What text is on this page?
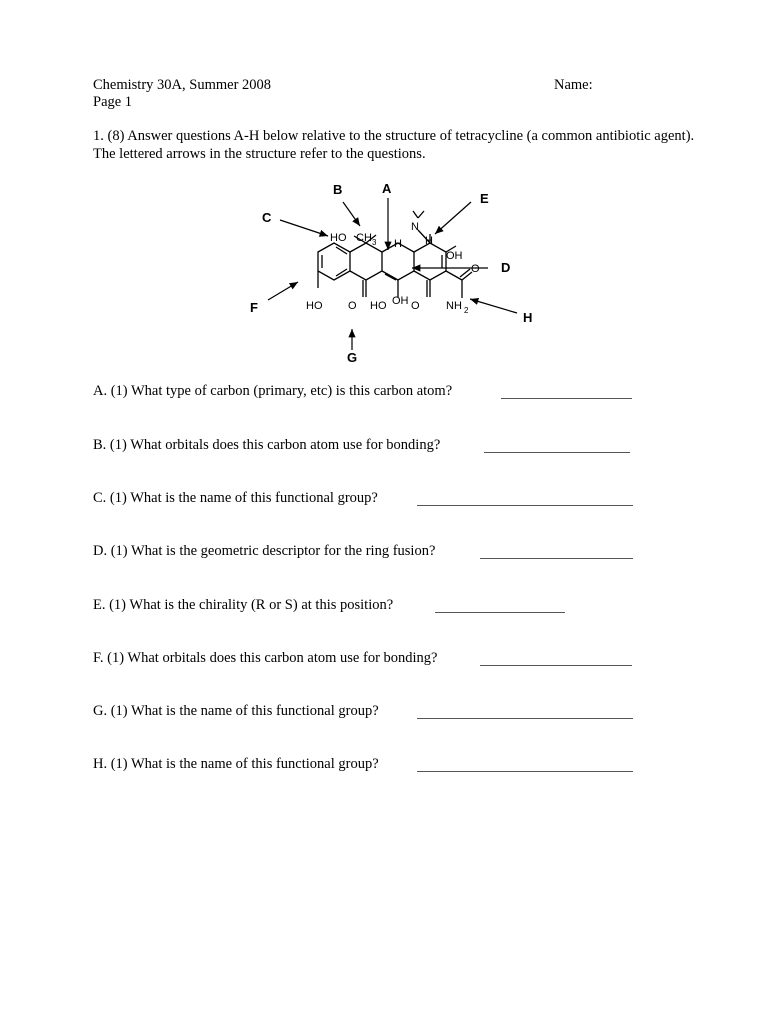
Chemistry 30A, Summer 2008
Page 1
Name:
1. (8) Answer questions A-H below relative to the structure of tetracycline (a common antibiotic agent). The lettered arrows in the structure refer to the questions.
HO CH 3 H
N
H
OH
O
HO O HO OH O NH 2
A
B
C
D
E
F
G
H
A. (1) What type of carbon (primary, etc) is this carbon atom?
B. (1) What orbitals does this carbon atom use for bonding?
C. (1) What is the name of this functional group?
D. (1) What is the geometric descriptor for the ring fusion?
E. (1) What is the chirality (R or S) at this position?
F. (1) What orbitals does this carbon atom use for bonding?
G. (1) What is the name of this functional group?
H. (1) What is the name of this functional group?
